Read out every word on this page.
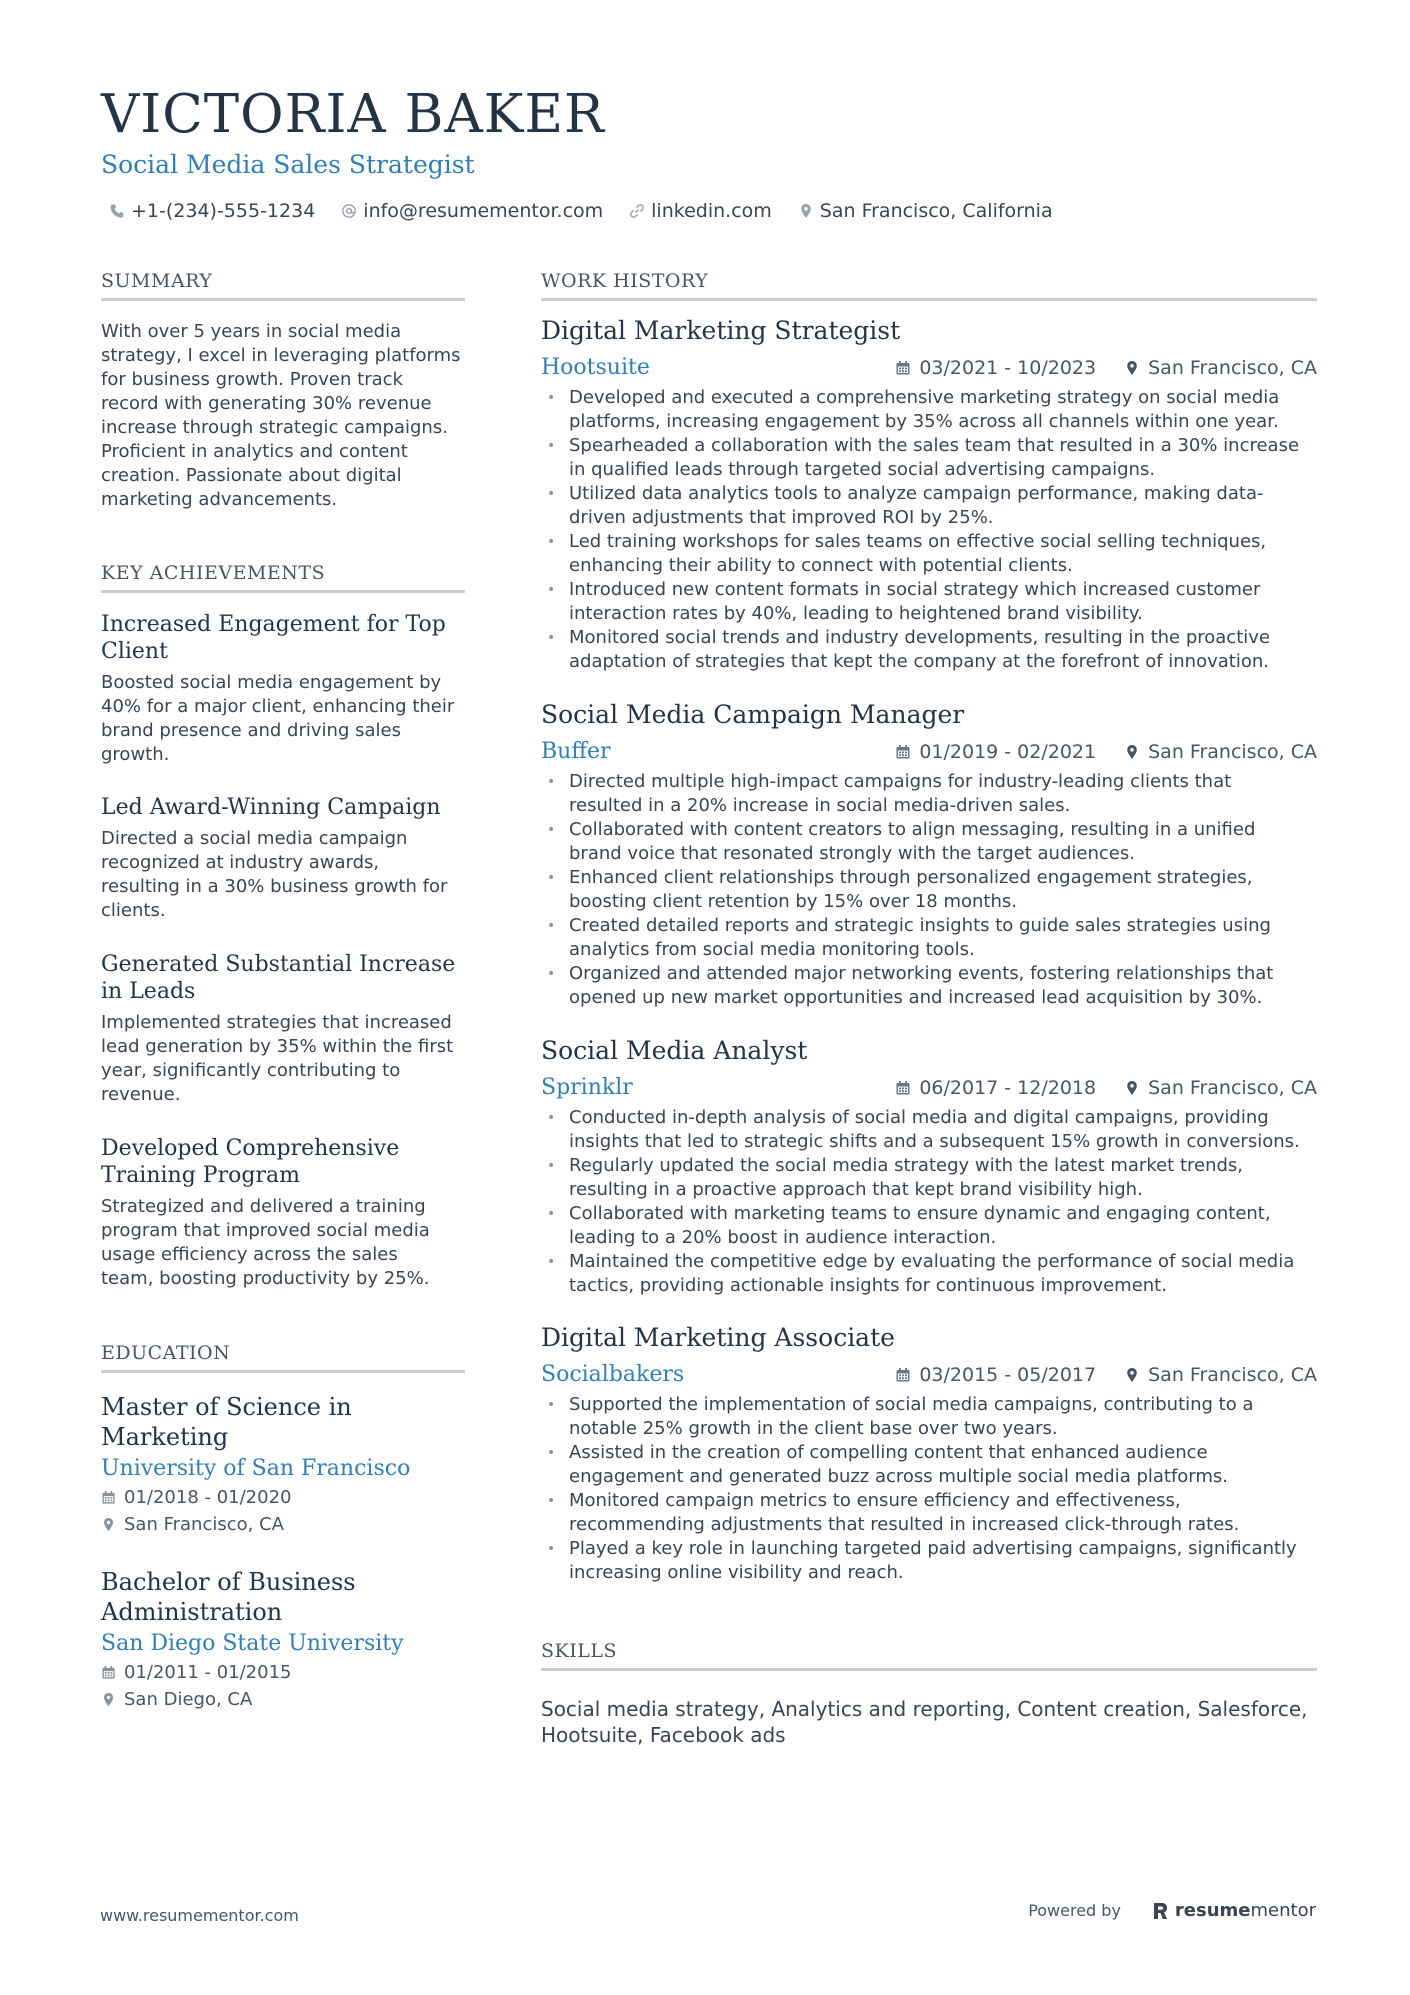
VICTORIA BAKER
Social Media Sales Strategist
+1-(234)-555-1234	info@resumementor.com	linkedin.com	San Francisco, California
SUMMARY
With over 5 years in social media
strategy, I excel in leveraging platforms
for business growth. Proven track
record with generating 30% revenue
increase through strategic campaigns.
Proficient in analytics and content
creation. Passionate about digital
marketing advancements.
KEY ACHIEVEMENTS
Increased Engagement for Top
Client
Boosted social media engagement by
40% for a major client, enhancing their
brand presence and driving sales
growth.
Led Award-Winning Campaign
Directed a social media campaign
recognized at industry awards,
resulting in a 30% business growth for
clients.
Generated Substantial Increase
in Leads
Implemented strategies that increased
lead generation by 35% within the first
year, significantly contributing to
revenue.
Developed Comprehensive
Training Program
Strategized and delivered a training
program that improved social media
usage efficiency across the sales
team, boosting productivity by 25%.
EDUCATION
Master of Science in
Marketing
University of San Francisco
01/2018 - 01/2020
San Francisco, CA
Bachelor of Business
Administration
San Diego State University
01/2011 - 01/2015
San Diego, CA
WORK HISTORY
Digital Marketing Strategist
Hootsuite	03/2021 - 10/2023	San Francisco, CA
• Developed and executed a comprehensive marketing strategy on social media
platforms, increasing engagement by 35% across all channels within one year.
• Spearheaded a collaboration with the sales team that resulted in a 30% increase
in qualified leads through targeted social advertising campaigns.
• Utilized data analytics tools to analyze campaign performance, making data-
driven adjustments that improved ROI by 25%.
• Led training workshops for sales teams on effective social selling techniques,
enhancing their ability to connect with potential clients.
• Introduced new content formats in social strategy which increased customer
interaction rates by 40%, leading to heightened brand visibility.
• Monitored social trends and industry developments, resulting in the proactive
adaptation of strategies that kept the company at the forefront of innovation.
Social Media Campaign Manager
Buffer	01/2019 - 02/2021	San Francisco, CA
• Directed multiple high-impact campaigns for industry-leading clients that
resulted in a 20% increase in social media-driven sales.
• Collaborated with content creators to align messaging, resulting in a unified
brand voice that resonated strongly with the target audiences.
• Enhanced client relationships through personalized engagement strategies,
boosting client retention by 15% over 18 months.
• Created detailed reports and strategic insights to guide sales strategies using
analytics from social media monitoring tools.
• Organized and attended major networking events, fostering relationships that
opened up new market opportunities and increased lead acquisition by 30%.
Social Media Analyst
Sprinklr	06/2017 - 12/2018	San Francisco, CA
• Conducted in-depth analysis of social media and digital campaigns, providing
insights that led to strategic shifts and a subsequent 15% growth in conversions.
• Regularly updated the social media strategy with the latest market trends,
resulting in a proactive approach that kept brand visibility high.
• Collaborated with marketing teams to ensure dynamic and engaging content,
leading to a 20% boost in audience interaction.
• Maintained the competitive edge by evaluating the performance of social media
tactics, providing actionable insights for continuous improvement.
Digital Marketing Associate
Socialbakers	03/2015 - 05/2017	San Francisco, CA
• Supported the implementation of social media campaigns, contributing to a
notable 25% growth in the client base over two years.
• Assisted in the creation of compelling content that enhanced audience
engagement and generated buzz across multiple social media platforms.
• Monitored campaign metrics to ensure efficiency and effectiveness,
recommending adjustments that resulted in increased click-through rates.
• Played a key role in launching targeted paid advertising campaigns, significantly
increasing online visibility and reach.
SKILLS
Social media strategy, Analytics and reporting, Content creation, Salesforce,
Hootsuite, Facebook ads
www.resumementor.com	Powered by	resume mentor
